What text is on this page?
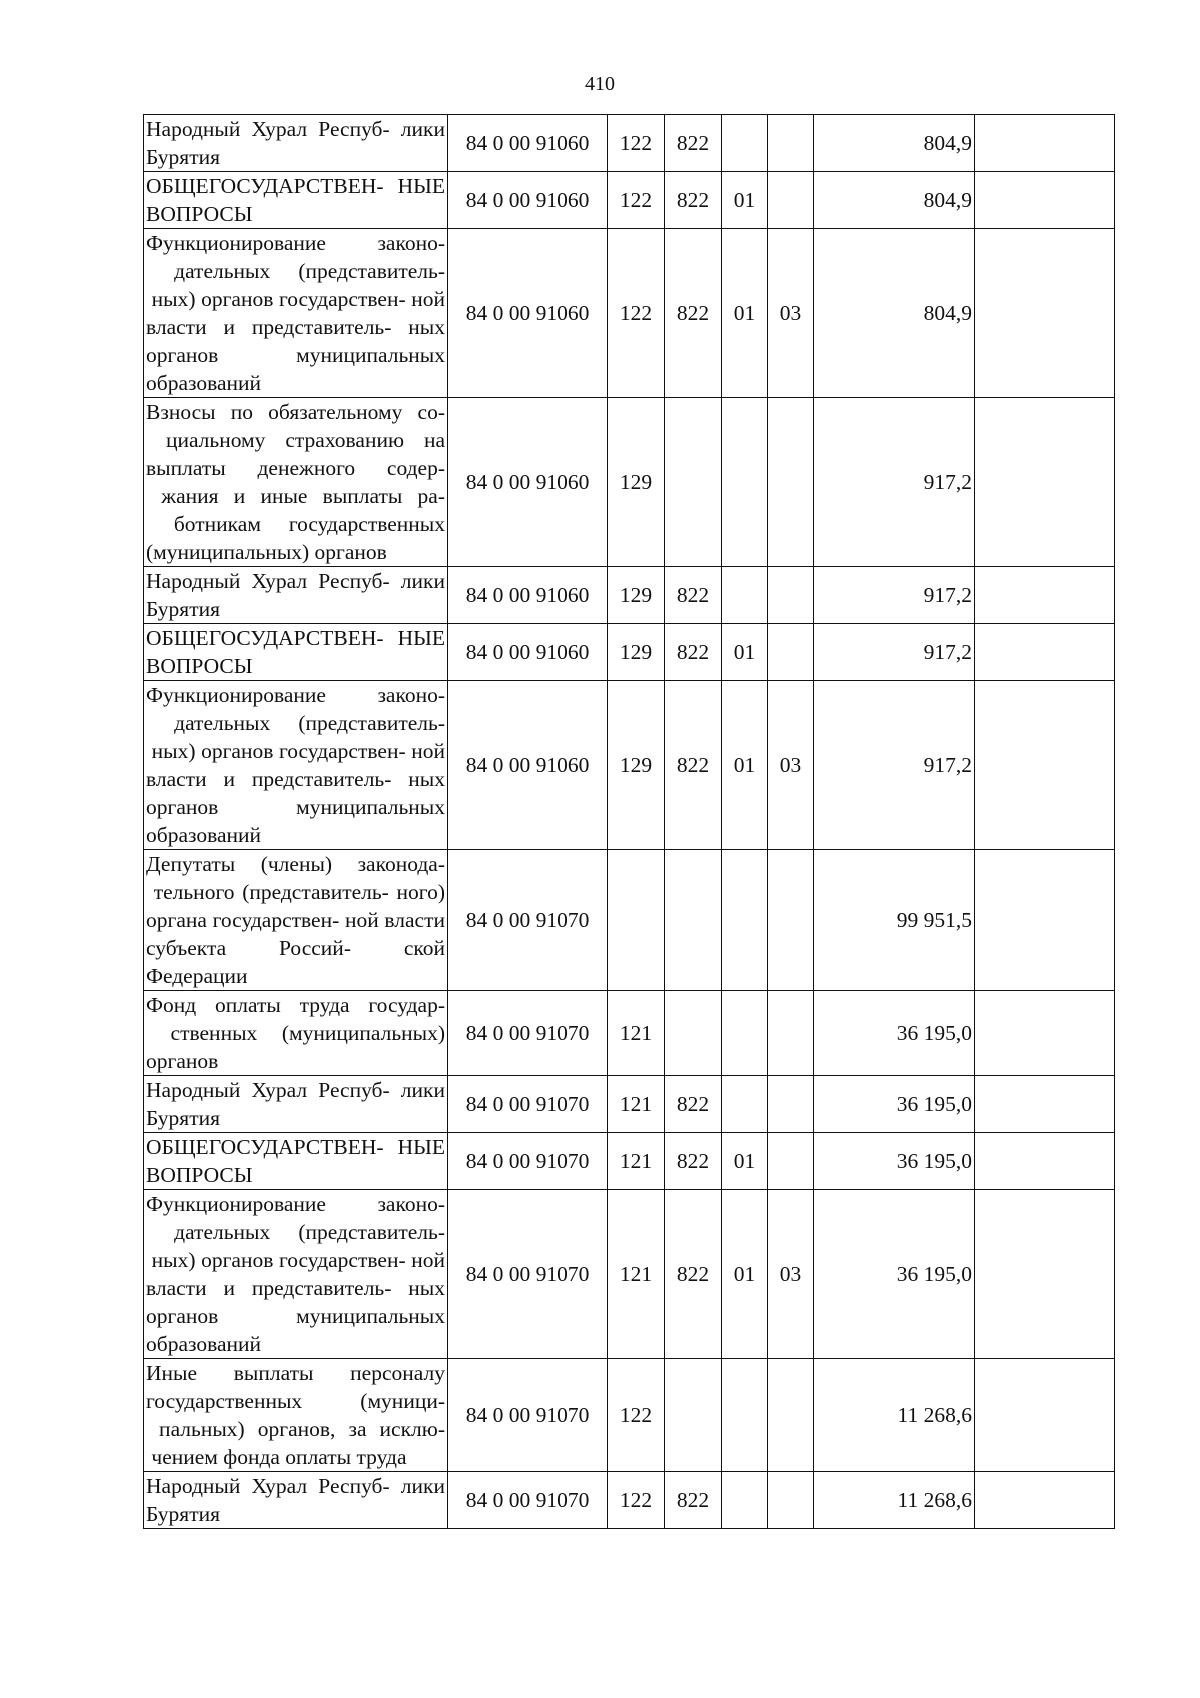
410
Народный Хурал Респуб- лики Бурятия	84 0 00 91060	122	822			804,9	
ОБЩЕГОСУДАРСТВЕН- НЫЕ ВОПРОСЫ	84 0 00 91060	122	822	01		804,9	
Функционирование законо- дательных (представитель- ных) органов государствен- ной власти и представитель- ных органов муниципальных образований	84 0 00 91060	122	822	01	03	804,9	
Взносы по обязательному со- циальному страхованию на выплаты денежного содер- жания и иные выплаты ра- ботникам государственных (муниципальных) органов	84 0 00 91060	129				917,2	
Народный Хурал Респуб- лики Бурятия	84 0 00 91060	129	822			917,2	
ОБЩЕГОСУДАРСТВЕН- НЫЕ ВОПРОСЫ	84 0 00 91060	129	822	01		917,2	
Функционирование законо- дательных (представитель- ных) органов государствен- ной власти и представитель- ных органов муниципальных образований	84 0 00 91060	129	822	01	03	917,2	
Депутаты (члены) законода- тельного (представитель- ного) органа государствен- ной власти субъекта Россий- ской Федерации	84 0 00 91070					99 951,5	
Фонд оплаты труда государ- ственных (муниципальных) органов	84 0 00 91070	121				36 195,0	
Народный Хурал Респуб- лики Бурятия	84 0 00 91070	121	822			36 195,0	
ОБЩЕГОСУДАРСТВЕН- НЫЕ ВОПРОСЫ	84 0 00 91070	121	822	01		36 195,0	
Функционирование законо- дательных (представитель- ных) органов государствен- ной власти и представитель- ных органов муниципальных образований	84 0 00 91070	121	822	01	03	36 195,0	
Иные выплаты персоналу государственных (муници- пальных) органов, за исклю- чением фонда оплаты труда	84 0 00 91070	122				11 268,6	
Народный Хурал Респуб- лики Бурятия	84 0 00 91070	122	822			11 268,6	
